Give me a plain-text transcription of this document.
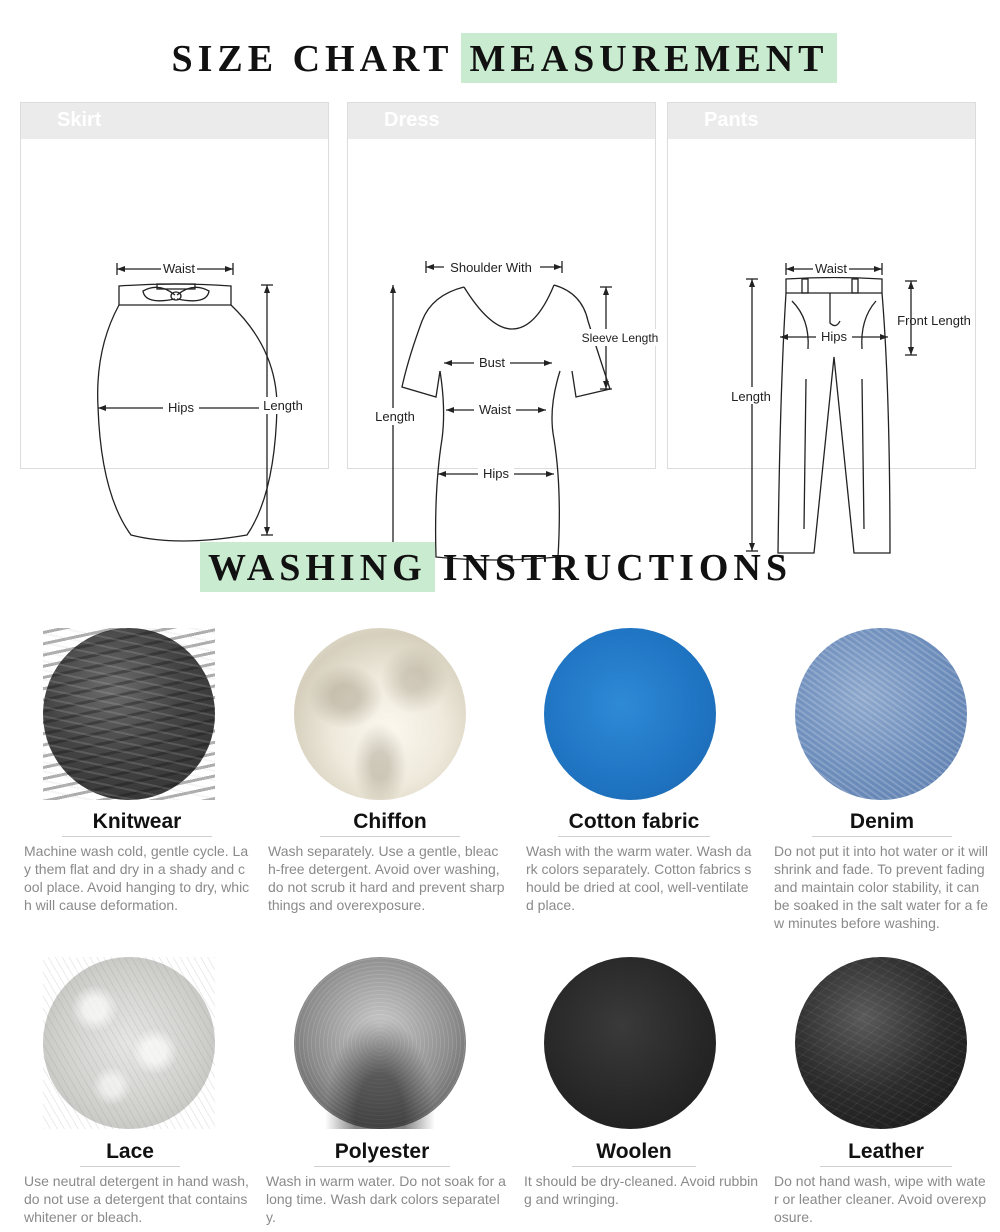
SIZE CHART MEASUREMENT
Skirt
Waist
Hips	Length
Dress
Shoulder With
Sleeve Length
Bust
Waist
Hips
Length
Pants
Waist
Hips
Front Length
Length
WASHING INSTRUCTIONS
Knitwear
Machine wash cold, gentle cycle. Lay them flat and dry in a shady and cool place. Avoid hanging to dry, which will cause deformation.
Chiffon
Wash separately. Use a gentle, bleach-free detergent. Avoid over washing, do not scrub it hard and prevent sharp things and overexposure.
Cotton fabric
Wash with the warm water. Wash dark colors separately. Cotton fabrics should be dried at cool, well-ventilated place.
Denim
Do not put it into hot water or it will shrink and fade. To prevent fading and maintain color stability, it can be soaked in the salt water for a few minutes before washing.
Lace
Use neutral detergent in hand wash, do not use a detergent that contains whitener or bleach.
Polyester
Wash in warm water. Do not soak for a long time. Wash dark colors separately.
Woolen
It should be dry-cleaned. Avoid rubbing and wringing.
Leather
Do not hand wash, wipe with water or leather cleaner. Avoid overexposure.
